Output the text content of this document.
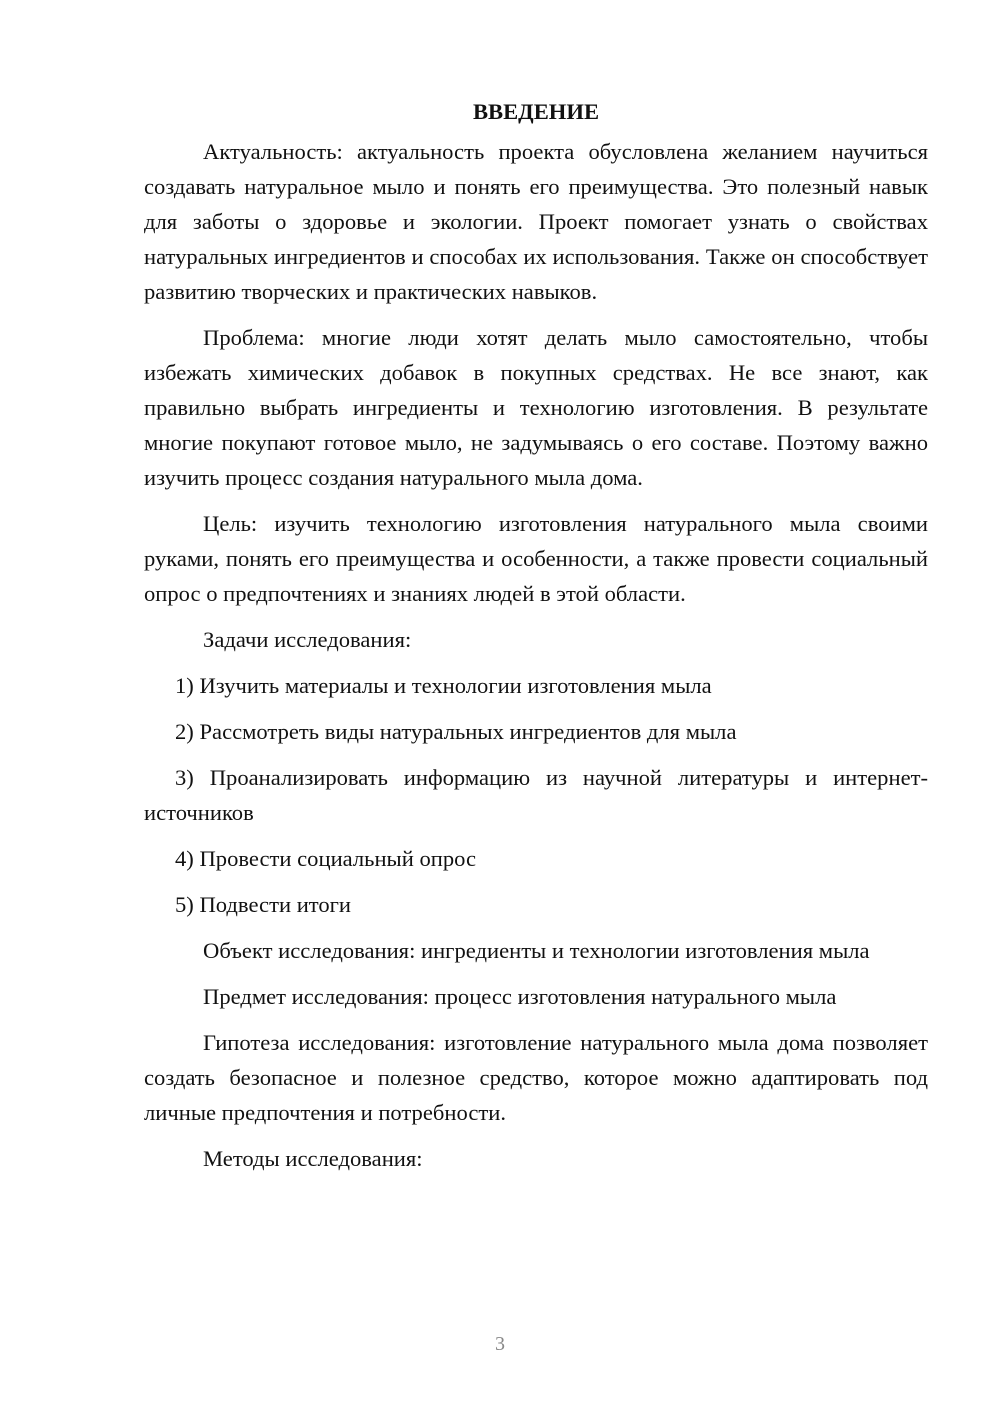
ВВЕДЕНИЕ

Актуальность: актуальность проекта обусловлена желанием научиться создавать натуральное мыло и понять его преимущества. Это полезный навык для заботы о здоровье и экологии. Проект помогает узнать о свойствах натуральных ингредиентов и способах их использования. Также он способствует развитию творческих и практических навыков.

Проблема: многие люди хотят делать мыло самостоятельно, чтобы избежать химических добавок в покупных средствах. Не все знают, как правильно выбрать ингредиенты и технологию изготовления. В результате многие покупают готовое мыло, не задумываясь о его составе. Поэтому важно изучить процесс создания натурального мыла дома.

Цель: изучить технологию изготовления натурального мыла своими руками, понять его преимущества и особенности, а также провести социальный опрос о предпочтениях и знаниях людей в этой области.

Задачи исследования:

1) Изучить материалы и технологии изготовления мыла

2) Рассмотреть виды натуральных ингредиентов для мыла

3) Проанализировать информацию из научной литературы и интернет-источников

4) Провести социальный опрос

5) Подвести итоги

Объект исследования: ингредиенты и технологии изготовления мыла

Предмет исследования: процесс изготовления натурального мыла

Гипотеза исследования: изготовление натурального мыла дома позволяет создать безопасное и полезное средство, которое можно адаптировать под личные предпочтения и потребности.

Методы исследования:

3
